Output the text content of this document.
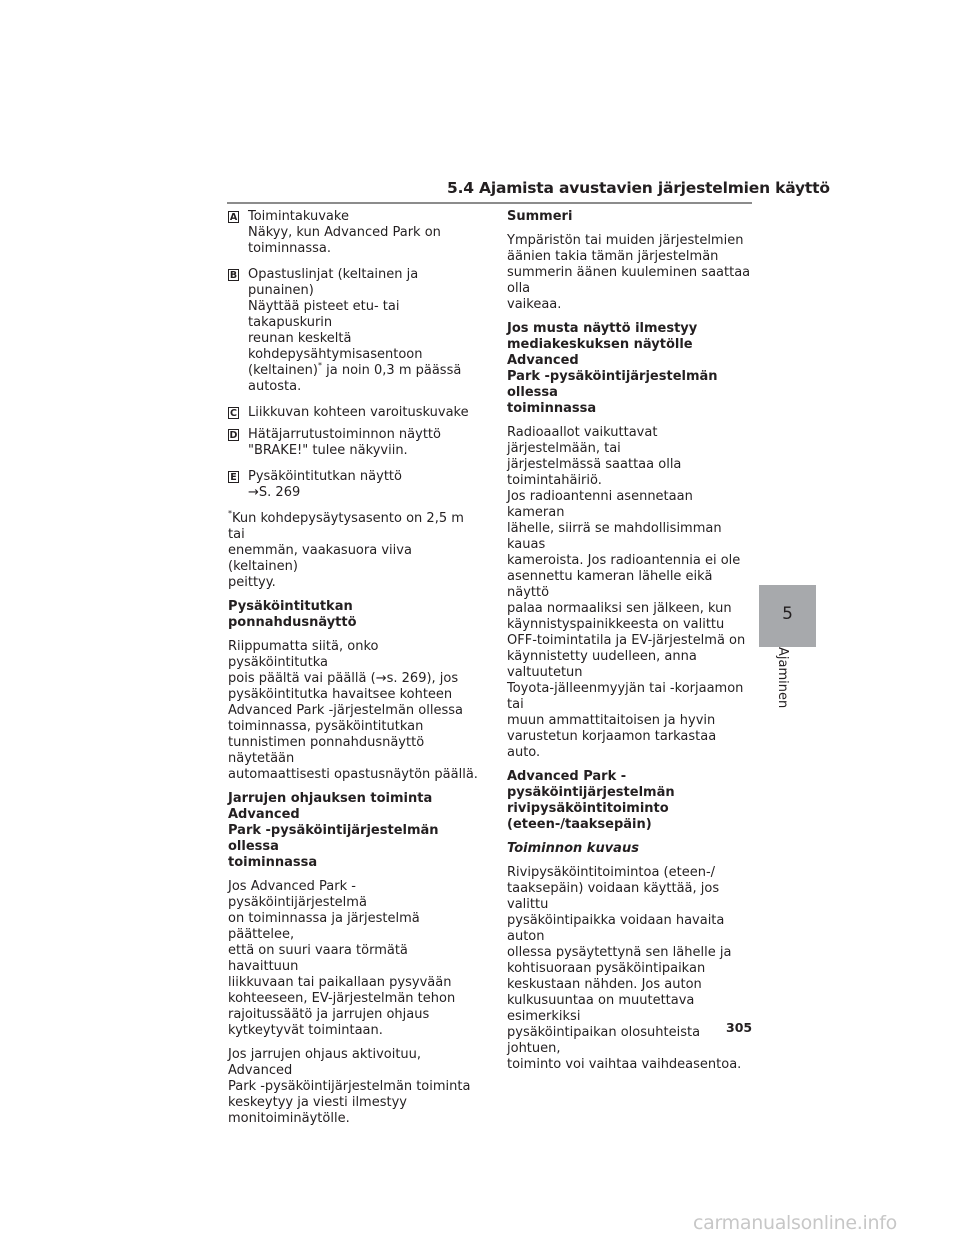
5.4 Ajamista avustavien järjestelmien käyttö
A Toimintakuvake
Näkyy, kun Advanced Park on
toiminnassa.
B Opastuslinjat (keltainen ja punainen)
Näyttää pisteet etu- tai takapuskurin
reunan keskeltä
kohdepysähtymisasentoon
(keltainen)* ja noin 0,3 m päässä
autosta.
C Liikkuvan kohteen varoituskuvake
D Hätäjarrutustoiminnon näyttö
"BRAKE!" tulee näkyviin.
E Pysäköintitutkan näyttö
→S. 269

*Kun kohdepysäytysasento on 2,5 m tai
enemmän, vaakasuora viiva (keltainen)
peittyy.

Pysäköintitutkan ponnahdusnäyttö

Riippumatta siitä, onko pysäköintitutka
pois päältä vai päällä (→s. 269), jos
pysäköintitutka havaitsee kohteen
Advanced Park -järjestelmän ollessa
toiminnassa, pysäköintitutkan
tunnistimen ponnahdusnäyttö näytetään
automaattisesti opastusnäytön päällä.

Jarrujen ohjauksen toiminta Advanced
Park -pysäköintijärjestelmän ollessa
toiminnassa

Jos Advanced Park -pysäköintijärjestelmä
on toiminnassa ja järjestelmä päättelee,
että on suuri vaara törmätä havaittuun
liikkuvaan tai paikallaan pysyvään
kohteeseen, EV-järjestelmän tehon
rajoitussäätö ja jarrujen ohjaus
kytkeytyvät toimintaan.

Jos jarrujen ohjaus aktivoituu, Advanced
Park -pysäköintijärjestelmän toiminta
keskeytyy ja viesti ilmestyy
monitoiminäytölle.

Summeri

Ympäristön tai muiden järjestelmien
äänien takia tämän järjestelmän
summerin äänen kuuleminen saattaa olla
vaikeaa.

Jos musta näyttö ilmestyy
mediakeskuksen näytölle Advanced
Park -pysäköintijärjestelmän ollessa
toiminnassa

Radioaallot vaikuttavat järjestelmään, tai
järjestelmässä saattaa olla toimintahäiriö.
Jos radioantenni asennetaan kameran
lähelle, siirrä se mahdollisimman kauas
kameroista. Jos radioantennia ei ole
asennettu kameran lähelle eikä näyttö
palaa normaaliksi sen jälkeen, kun
käynnistyspainikkeesta on valittu
OFF-toimintatila ja EV-järjestelmä on
käynnistetty uudelleen, anna valtuutetun
Toyota-jälleenmyyjän tai -korjaamon tai
muun ammattitaitoisen ja hyvin
varustetun korjaamon tarkastaa auto.

Advanced Park -pysäköintijärjestelmän
rivipysäköintitoiminto
(eteen-/taaksepäin)
Toiminnon kuvaus

Rivipysäköintitoimintoa (eteen-/
taaksepäin) voidaan käyttää, jos valittu
pysäköintipaikka voidaan havaita auton
ollessa pysäytettynä sen lähelle ja
kohtisuoraan pysäköintipaikan
keskustaan nähden. Jos auton
kulkusuuntaa on muutettava esimerkiksi
pysäköintipaikan olosuhteista johtuen,
toiminto voi vaihtaa vaihdeasentoa.

5
Ajaminen
305
carmanualsonline.info
